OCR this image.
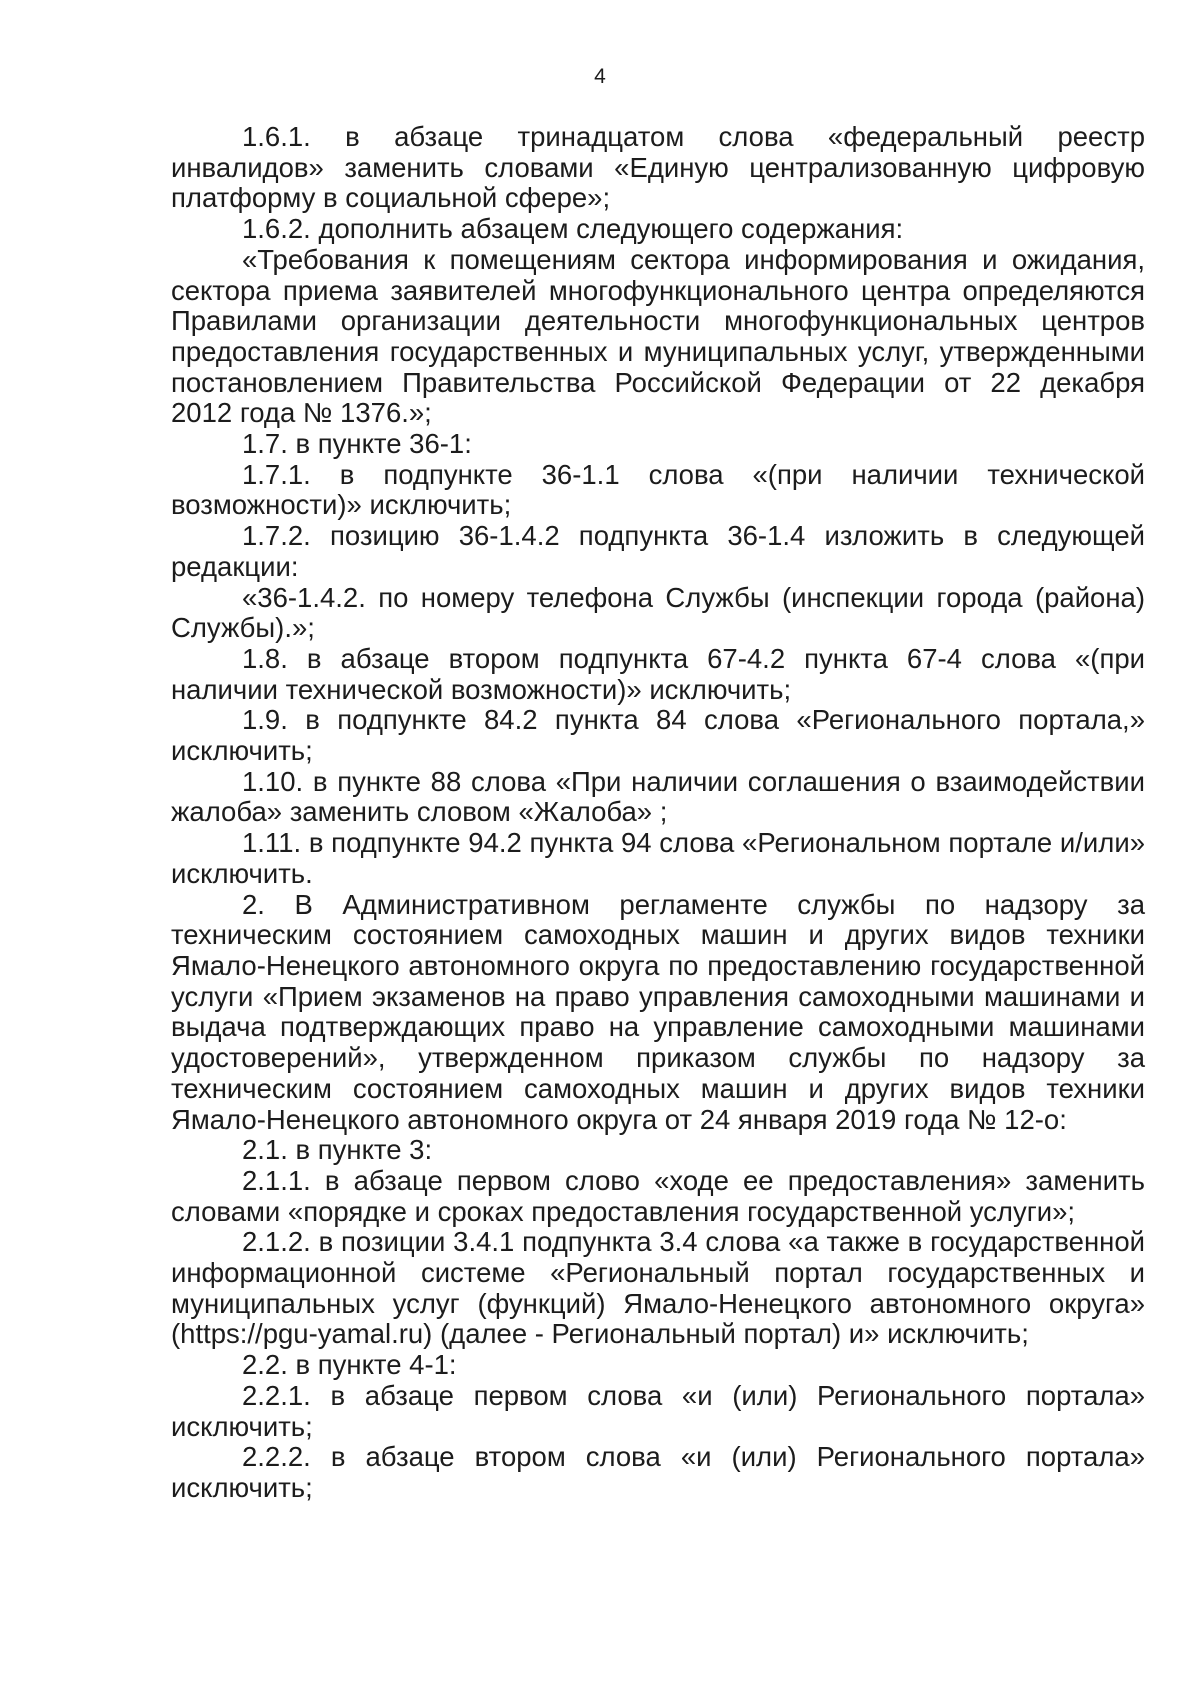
4

1.6.1. в абзаце тринадцатом слова «федеральный реестр инвалидов» заменить словами «Единую централизованную цифровую платформу в социальной сфере»;

1.6.2. дополнить абзацем следующего содержания:

«Требования к помещениям сектора информирования и ожидания, сектора приема заявителей многофункционального центра определяются Правилами организации деятельности многофункциональных центров предоставления государственных и муниципальных услуг, утвержденными постановлением Правительства Российской Федерации от 22 декабря 2012 года № 1376.»;

1.7. в пункте 36-1:

1.7.1. в подпункте 36-1.1 слова «(при наличии технической возможности)» исключить;

1.7.2. позицию 36-1.4.2 подпункта 36-1.4 изложить в следующей редакции:

«36-1.4.2. по номеру телефона Службы (инспекции города (района) Службы).»;

1.8. в абзаце втором подпункта 67-4.2 пункта 67-4 слова «(при наличии технической возможности)» исключить;

1.9. в подпункте 84.2 пункта 84 слова «Регионального портала,» исключить;

1.10. в пункте 88 слова «При наличии соглашения о взаимодействии жалоба» заменить словом «Жалоба» ;

1.11. в подпункте 94.2 пункта 94 слова «Региональном портале и/или» исключить.

2. В Административном регламенте службы по надзору за техническим состоянием самоходных машин и других видов техники Ямало-Ненецкого автономного округа по предоставлению государственной услуги «Прием экзаменов на право управления самоходными машинами и выдача подтверждающих право на управление самоходными машинами удостоверений», утвержденном приказом службы по надзору за техническим состоянием самоходных машин и других видов техники Ямало-Ненецкого автономного округа от 24 января 2019 года № 12-о:

2.1. в пункте 3:

2.1.1. в абзаце первом слово «ходе ее предоставления» заменить словами «порядке и сроках предоставления государственной услуги»;

2.1.2. в позиции 3.4.1 подпункта 3.4 слова «а также в государственной информационной системе «Региональный портал государственных и муниципальных услуг (функций) Ямало-Ненецкого автономного округа» (https://pgu-yamal.ru) (далее - Региональный портал) и» исключить;

2.2. в пункте 4-1:

2.2.1. в абзаце первом слова «и (или) Регионального портала» исключить;

2.2.2. в абзаце втором слова «и (или) Регионального портала» исключить;
